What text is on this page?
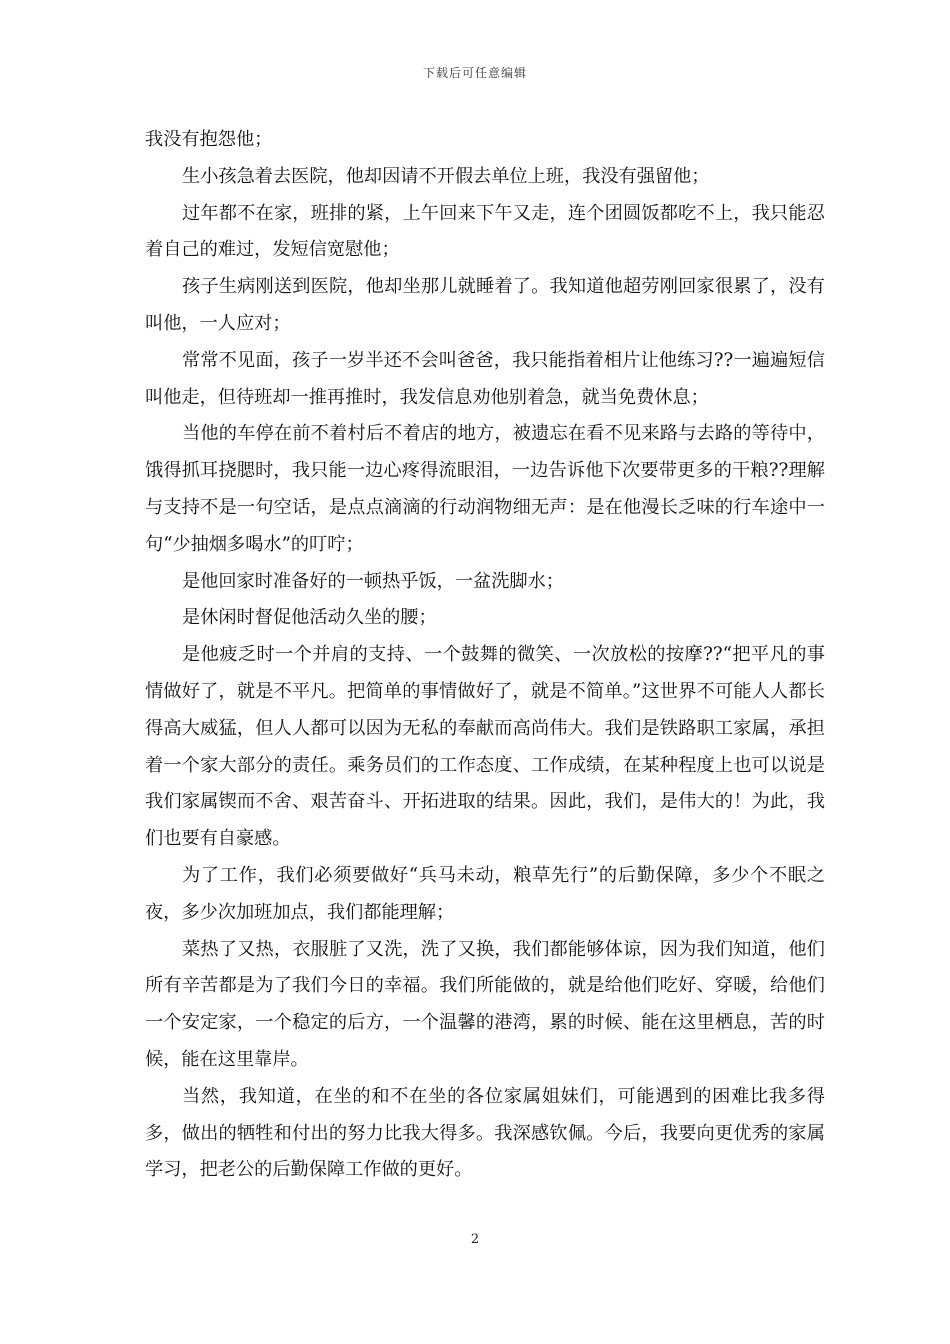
下载后可任意编辑

我没有抱怨他；

生小孩急着去医院，他却因请不开假去单位上班，我没有强留他；

过年都不在家，班排的紧，上午回来下午又走，连个团圆饭都吃不上，我只能忍着自己的难过，发短信宽慰他；

孩子生病刚送到医院，他却坐那儿就睡着了。我知道他超劳刚回家很累了，没有叫他，一人应对；

常常不见面，孩子一岁半还不会叫爸爸，我只能指着相片让他练习??一遍遍短信叫他走，但待班却一推再推时，我发信息劝他别着急，就当免费休息；

当他的车停在前不着村后不着店的地方，被遗忘在看不见来路与去路的等待中，饿得抓耳挠腮时，我只能一边心疼得流眼泪，一边告诉他下次要带更多的干粮??理解与支持不是一句空话，是点点滴滴的行动润物细无声：是在他漫长乏味的行车途中一句“少抽烟多喝水”的叮咛；

是他回家时准备好的一顿热乎饭，一盆洗脚水；

是休闲时督促他活动久坐的腰；

是他疲乏时一个并肩的支持、一个鼓舞的微笑、一次放松的按摩??“把平凡的事情做好了，就是不平凡。把简单的事情做好了，就是不简单。”这世界不可能人人都长得高大威猛，但人人都可以因为无私的奉献而高尚伟大。我们是铁路职工家属，承担着一个家大部分的责任。乘务员们的工作态度、工作成绩，在某种程度上也可以说是我们家属锲而不舍、艰苦奋斗、开拓进取的结果。因此，我们，是伟大的！为此，我们也要有自豪感。

为了工作，我们必须要做好“兵马未动，粮草先行”的后勤保障，多少个不眠之夜，多少次加班加点，我们都能理解；

菜热了又热，衣服脏了又洗，洗了又换，我们都能够体谅，因为我们知道，他们所有辛苦都是为了我们今日的幸福。我们所能做的，就是给他们吃好、穿暖，给他们一个安定家，一个稳定的后方，一个温馨的港湾，累的时候、能在这里栖息，苦的时候，能在这里靠岸。

当然，我知道，在坐的和不在坐的各位家属姐妹们，可能遇到的困难比我多得多，做出的牺牲和付出的努力比我大得多。我深感钦佩。今后，我要向更优秀的家属学习，把老公的后勤保障工作做的更好。

2
